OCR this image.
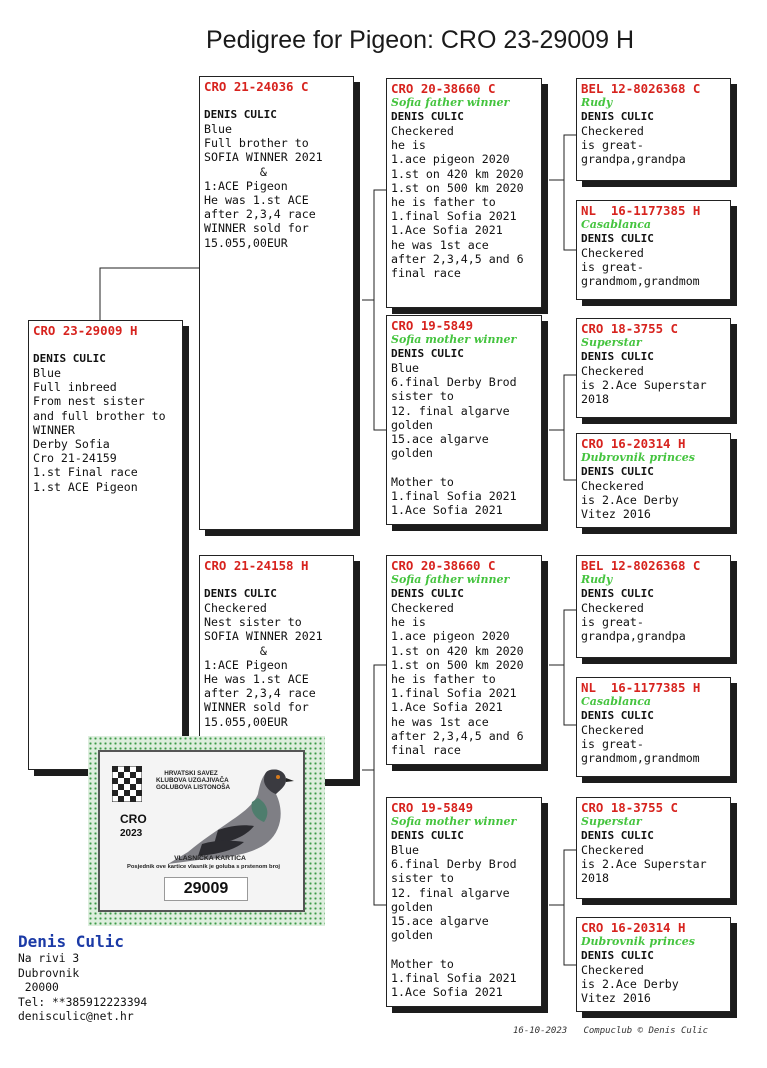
Pedigree for Pigeon: CRO 23-29009 H
CRO 23-29009 H
DENIS CULIC
Blue
Full inbreed
From nest sister
and full brother to
WINNER
Derby Sofia
Cro 21-24159
1.st Final race
1.st ACE Pigeon
CRO 21-24036 C
DENIS CULIC
Blue
Full brother to
SOFIA WINNER 2021
&
1:ACE Pigeon
He was 1.st ACE
after 2,3,4 race
WINNER sold for
15.055,00EUR
CRO 21-24158 H
DENIS CULIC
Checkered
Nest sister to
SOFIA WINNER 2021
&
1:ACE Pigeon
He was 1.st ACE
after 2,3,4 race
WINNER sold for
15.055,00EUR
CRO 20-38660 C
Sofia father winner
DENIS CULIC
Checkered
he is
1.ace pigeon 2020
1.st on 420 km 2020
1.st on 500 km 2020
he is father to
1.final Sofia 2021
1.Ace Sofia 2021
he was 1st ace
after 2,3,4,5 and 6
final race
CRO 19-5849
Sofia mother winner
DENIS CULIC
Blue
6.final Derby Brod
sister to
12. final algarve
golden
15.ace algarve
golden

Mother to
1.final Sofia 2021
1.Ace Sofia 2021
CRO 20-38660 C
Sofia father winner
DENIS CULIC
Checkered
he is
1.ace pigeon 2020
1.st on 420 km 2020
1.st on 500 km 2020
he is father to
1.final Sofia 2021
1.Ace Sofia 2021
he was 1st ace
after 2,3,4,5 and 6
final race
CRO 19-5849
Sofia mother winner
DENIS CULIC
Blue
6.final Derby Brod
sister to
12. final algarve
golden
15.ace algarve
golden

Mother to
1.final Sofia 2021
1.Ace Sofia 2021
BEL 12-8026368 C
Rudy
DENIS CULIC
Checkered
is great-
grandpa,grandpa
NL  16-1177385 H
Casablanca
DENIS CULIC
Checkered
is great-
grandmom,grandmom
CRO 18-3755 C
Superstar
DENIS CULIC
Checkered
is 2.Ace Superstar
2018
CRO 16-20314 H
Dubrovnik princes
DENIS CULIC
Checkered
is 2.Ace Derby
Vitez 2016
BEL 12-8026368 C
Rudy
DENIS CULIC
Checkered
is great-
grandpa,grandpa
NL  16-1177385 H
Casablanca
DENIS CULIC
Checkered
is great-
grandmom,grandmom
CRO 18-3755 C
Superstar
DENIS CULIC
Checkered
is 2.Ace Superstar
2018
CRO 16-20314 H
Dubrovnik princes
DENIS CULIC
Checkered
is 2.Ace Derby
Vitez 2016
HRVATSKI SAVEZ
KLUBOVA UZGAJIVAČA
GOLUBOVA LISTONOŠA
CRO
2023
VLASNIČKA KARTICA
Posjednik ove kartice vlasnik je goluba s prstenom broj
29009
Denis Culic
Na rivi 3
Dubrovnik
20000
Tel: **385912223394
denisculic@net.hr
16-10-2023   Compuclub © Denis Culic
